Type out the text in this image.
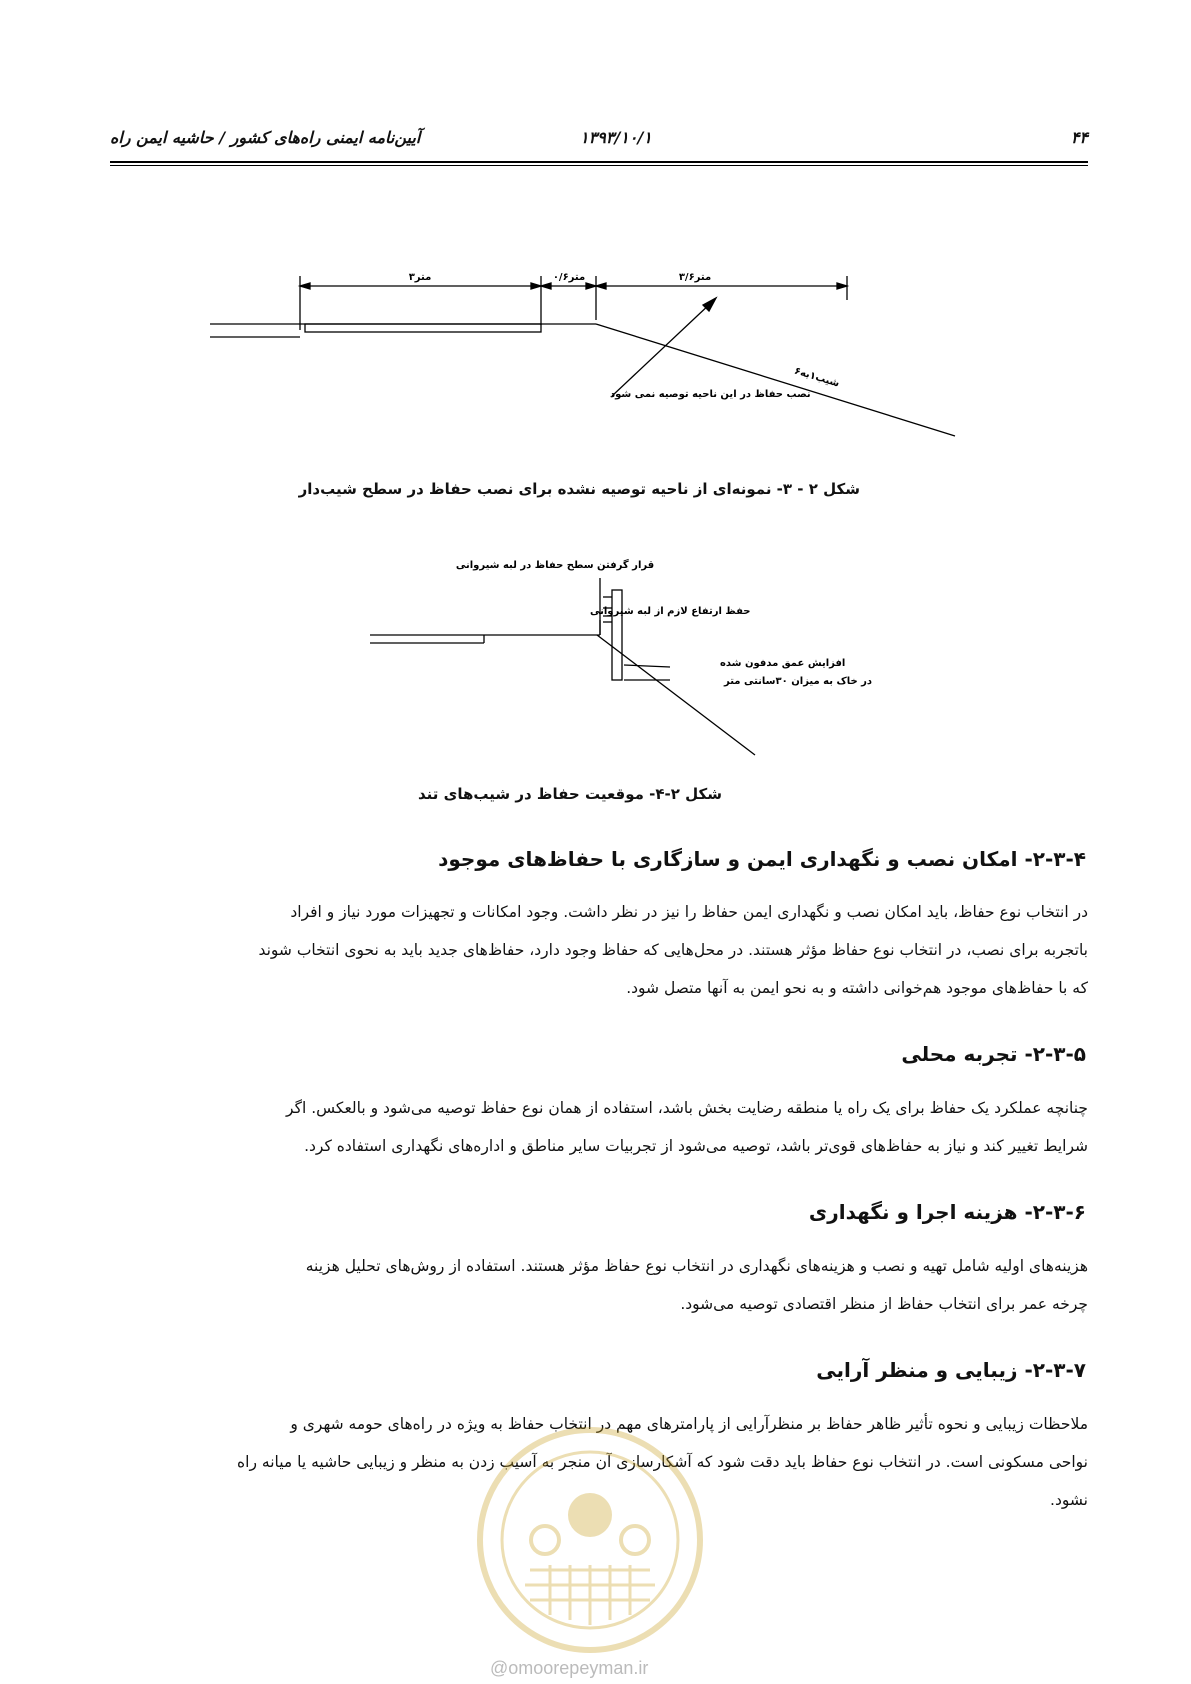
آیین‌نامه ایمنی راه‌های کشور / حاشیه ایمن راه	۱۳۹۳/۱۰/۱	۴۴
۳متر	۰/۶متر	۳/۶متر
شیب۱به۶
نصب حفاظ در این ناحیه توصیه نمی شود
شکل ۲ - ۳- نمونه‌ای از ناحیه توصیه نشده برای نصب حفاظ در سطح شیب‌دار
قرار گرفتن سطح حفاظ در لبه شیروانی
حفظ ارتفاع لازم از لبه شیروانی
افزایش عمق مدفون شده
در خاک به میزان ۳۰سانتی متر
شکل ۲-۴- موقعیت حفاظ در شیب‌های تند
۲-۳-۴- امکان نصب و نگهداری ایمن و سازگاری با حفاظ‌های موجود
در انتخاب نوع حفاظ، باید امکان نصب و نگهداری ایمن حفاظ را نیز در نظر داشت. وجود امکانات و تجهیزات مورد نیاز و افراد
باتجربه برای نصب، در انتخاب نوع حفاظ مؤثر هستند. در محل‌هایی که حفاظ وجود دارد، حفاظ‌های جدید باید به نحوی انتخاب شوند
که با حفاظ‌های موجود هم‌خوانی داشته و به نحو ایمن به آنها متصل شود.
۲-۳-۵- تجربه محلی
چنانچه عملکرد یک حفاظ برای یک راه یا منطقه رضایت بخش باشد، استفاده از همان نوع حفاظ توصیه می‌شود و بالعکس. اگر
شرایط تغییر کند و نیاز به حفاظ‌های قوی‌تر باشد، توصیه می‌شود از تجربیات سایر مناطق و اداره‌های نگهداری استفاده کرد.
۲-۳-۶- هزینه اجرا و نگهداری
هزینه‌های اولیه شامل تهیه و نصب و هزینه‌های نگهداری در انتخاب نوع حفاظ مؤثر هستند. استفاده از روش‌های تحلیل هزینه
چرخه عمر برای انتخاب حفاظ از منظر اقتصادی توصیه می‌شود.
۲-۳-۷- زیبایی و منظر آرایی
ملاحظات زیبایی و نحوه تأثیر ظاهر حفاظ بر منظرآرایی از پارامترهای مهم در انتخاب حفاظ به ویژه در راه‌های حومه شهری و
نواحی مسکونی است. در انتخاب نوع حفاظ باید دقت شود که آشکارسازی آن منجر به آسیب زدن به منظر و زیبایی حاشیه یا میانه راه
نشود.
@omoorepeyman.ir
